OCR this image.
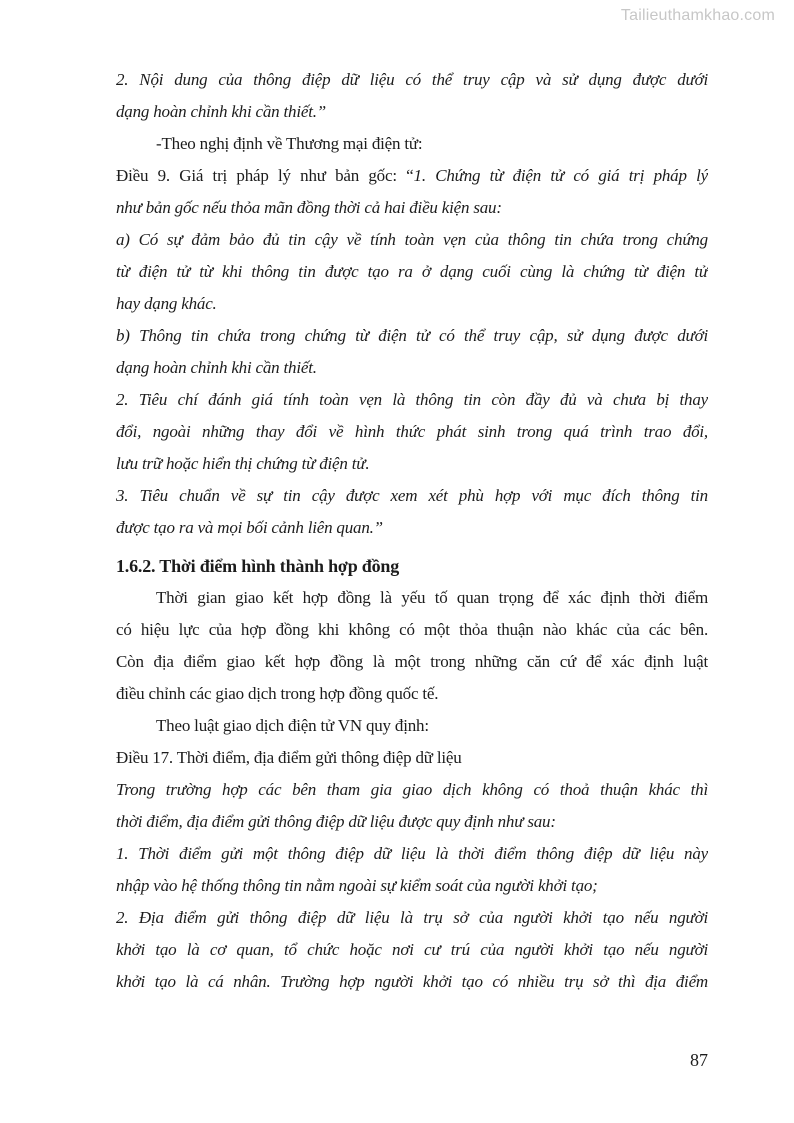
Tailieuthamkhao.com
2. Nội dung của thông điệp dữ liệu có thể truy cập và sử dụng được dưới
dạng hoàn chỉnh khi cần thiết.”
-Theo nghị định về Thương mại điện tử:
Điều 9. Giá trị pháp lý như bản gốc: “1. Chứng từ điện tử có giá trị pháp lý
như bản gốc nếu thỏa mãn đồng thời cả hai điều kiện sau:
a) Có sự đảm bảo đủ tin cậy về tính toàn vẹn của thông tin chứa trong chứng
từ điện tử từ khi thông tin được tạo ra ở dạng cuối cùng là chứng từ điện tử
hay dạng khác.
b) Thông tin chứa trong chứng từ điện tử có thể truy cập, sử dụng được dưới
dạng hoàn chỉnh khi cần thiết.
2. Tiêu chí đánh giá tính toàn vẹn là thông tin còn đầy đủ và chưa bị thay
đổi, ngoài những thay đổi về hình thức phát sinh trong quá trình trao đổi,
lưu trữ hoặc hiển thị chứng từ điện tử.
3. Tiêu chuẩn về sự tin cậy được xem xét phù hợp với mục đích thông tin
được tạo ra và mọi bối cảnh liên quan.”
1.6.2. Thời điểm hình thành hợp đồng
Thời gian giao kết hợp đồng là yếu tố quan trọng để xác định thời điểm
có hiệu lực của hợp đồng khi không có một thỏa thuận nào khác của các bên.
Còn địa điểm giao kết hợp đồng là một trong những căn cứ để xác định luật
điều chỉnh các giao dịch trong hợp đồng quốc tế.
Theo luật giao dịch điện tử VN quy định:
Điều 17. Thời điểm, địa điểm gửi thông điệp dữ liệu
Trong trường hợp các bên tham gia giao dịch không có thoả thuận khác thì
thời điểm, địa điểm gửi thông điệp dữ liệu được quy định như sau:
1. Thời điểm gửi một thông điệp dữ liệu là thời điểm thông điệp dữ liệu này
nhập vào hệ thống thông tin nằm ngoài sự kiểm soát của người khởi tạo;
2. Địa điểm gửi thông điệp dữ liệu là trụ sở của người khởi tạo nếu người
khởi tạo là cơ quan, tổ chức hoặc nơi cư trú của người khởi tạo nếu người
khởi tạo là cá nhân. Trường hợp người khởi tạo có nhiều trụ sở thì địa điểm
87
